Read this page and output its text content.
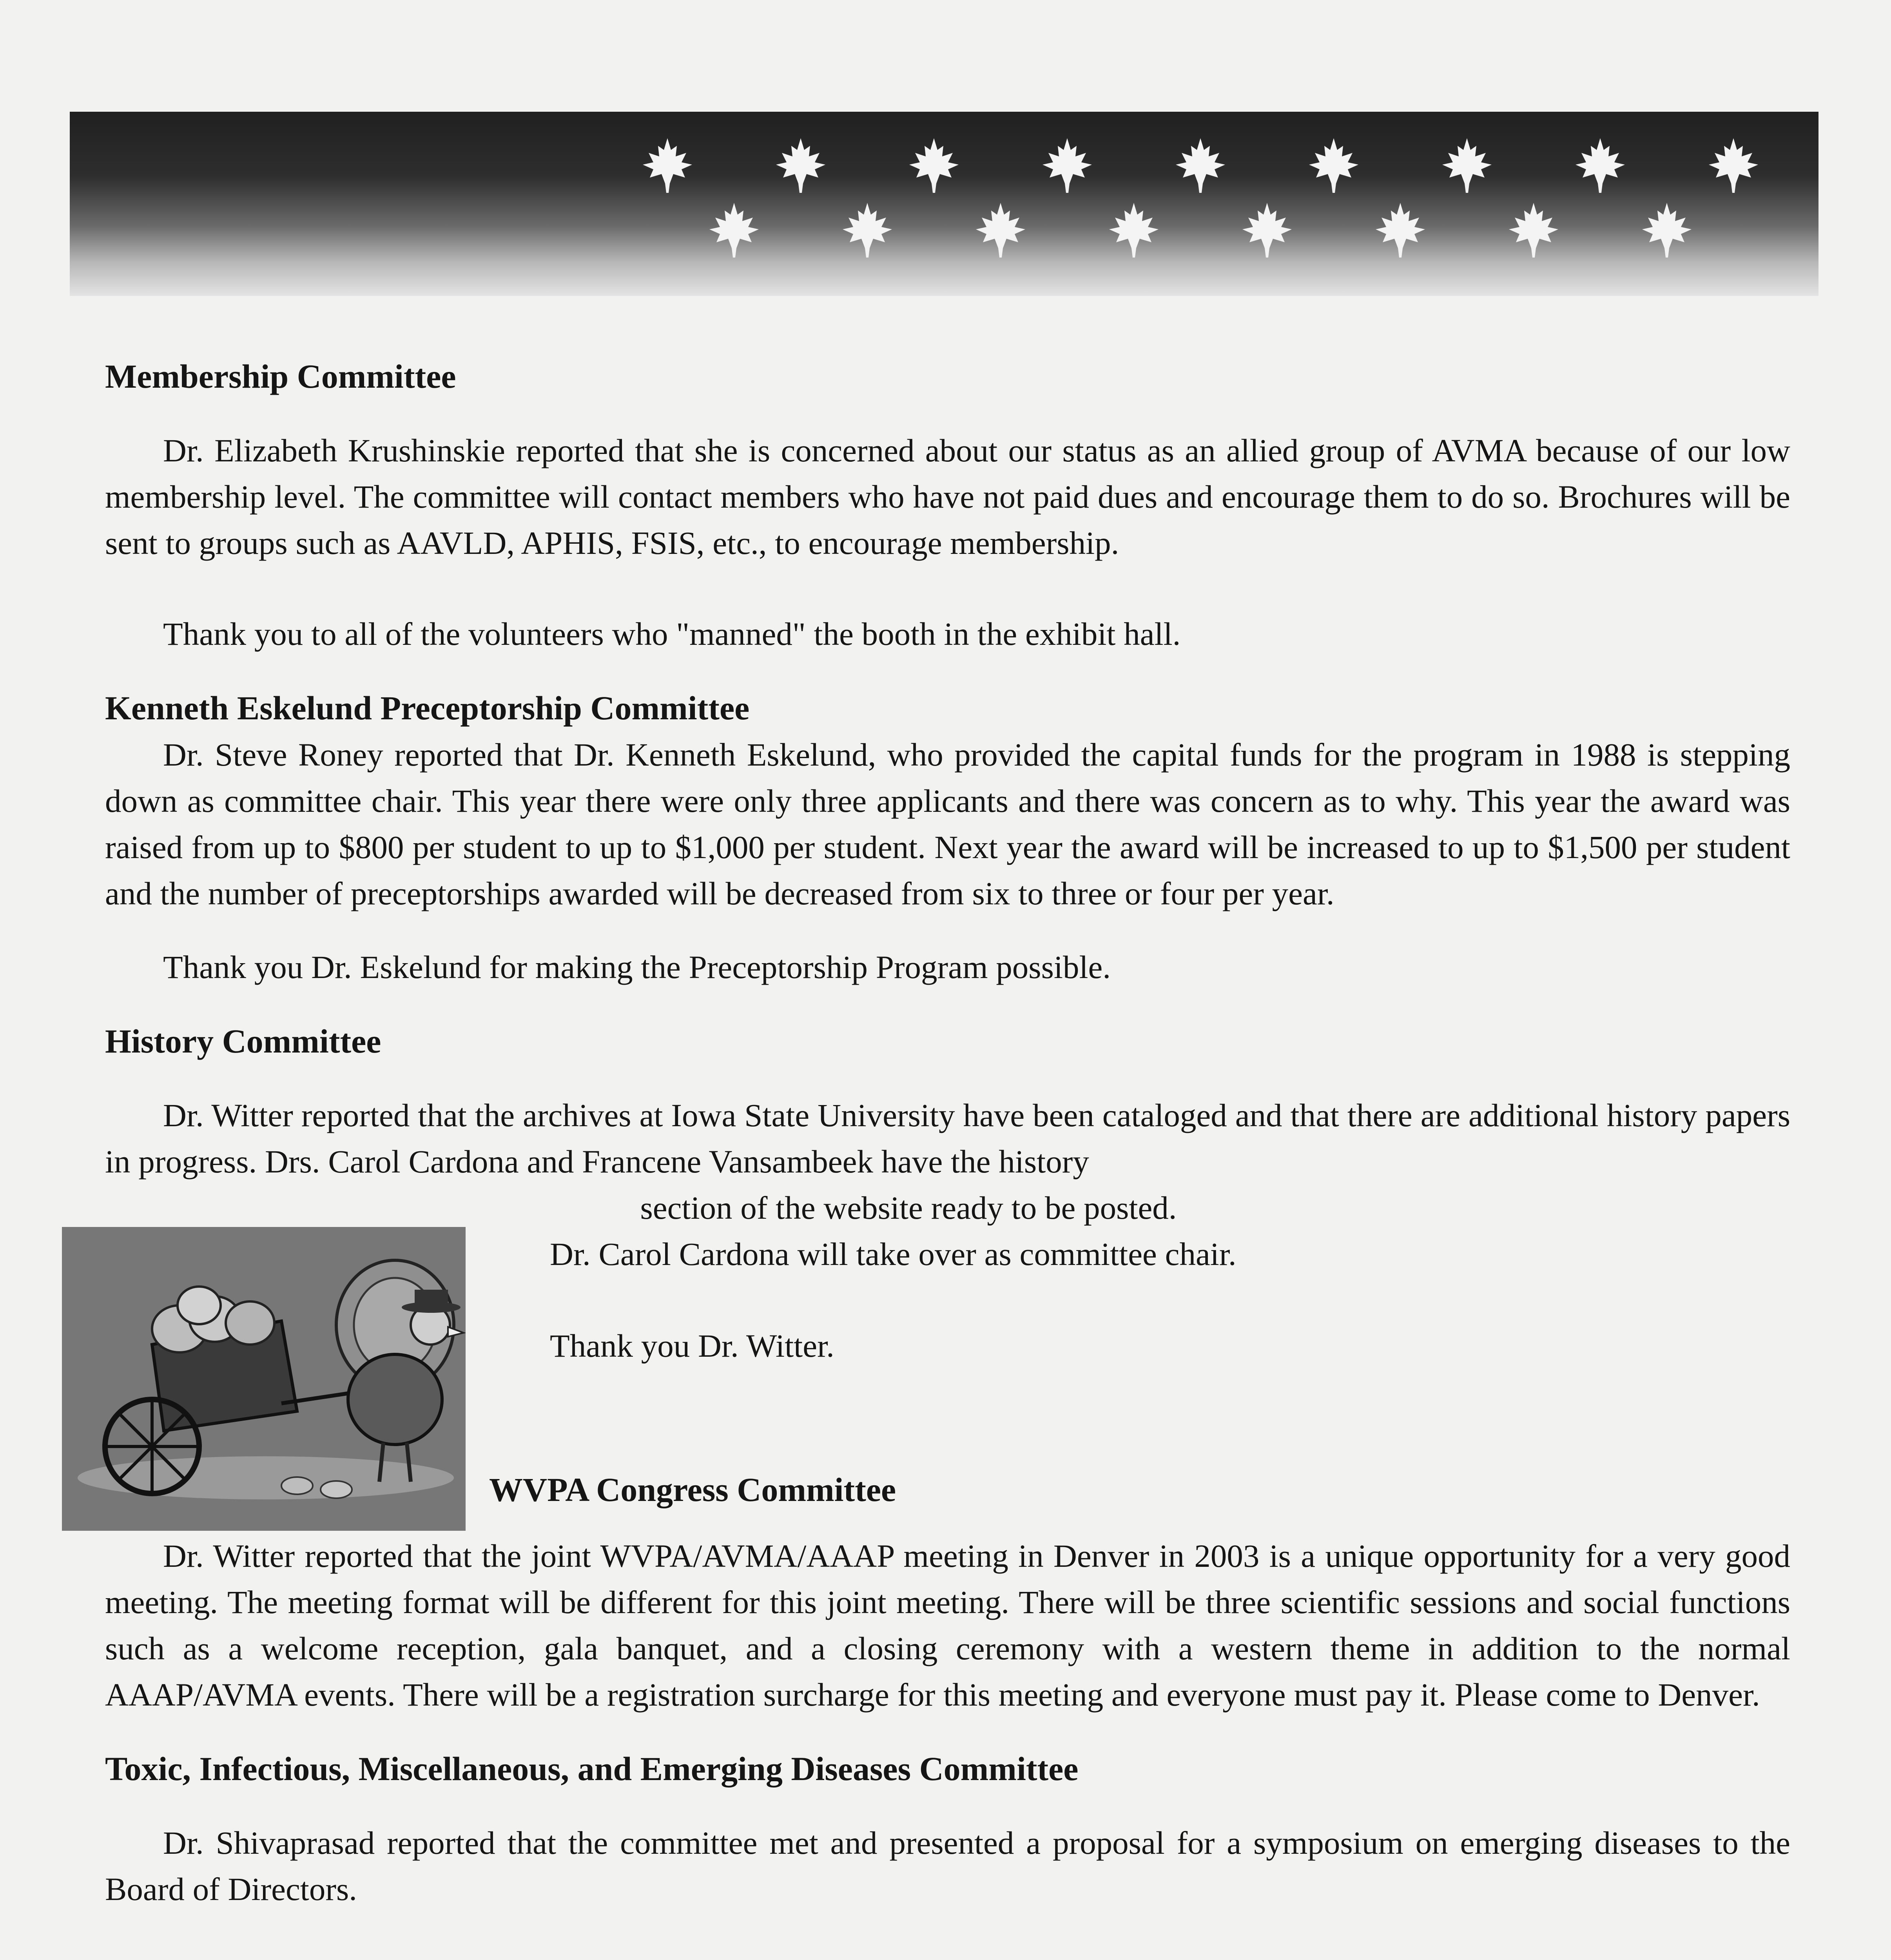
Membership Committee

Dr. Elizabeth Krushinskie reported that she is concerned about our status as an allied group of AVMA because of our low membership level. The committee will contact members who have not paid dues and encourage them to do so. Brochures will be sent to groups such as AAVLD, APHIS, FSIS, etc., to encourage membership.

Thank you to all of the volunteers who "manned" the booth in the exhibit hall.

Kenneth Eskelund Preceptorship Committee

Dr. Steve Roney reported that Dr. Kenneth Eskelund, who provided the capital funds for the program in 1988 is stepping down as committee chair. This year there were only three applicants and there was concern as to why. This year the award was raised from up to $800 per student to up to $1,000 per student. Next year the award will be increased to up to $1,500 per student and the number of preceptorships awarded will be decreased from six to three or four per year.

Thank you Dr. Eskelund for making the Preceptorship Program possible.

History Committee

Dr. Witter reported that the archives at Iowa State University have been cataloged and that there are additional history papers in progress. Drs. Carol Cardona and Francene Vansambeek have the history

section of the website ready to be posted.

Dr. Carol Cardona will take over as committee chair.

Thank you Dr. Witter.

WVPA Congress Committee

Dr. Witter reported that the joint WVPA/AVMA/AAAP meeting in Denver in 2003 is a unique opportunity for a very good meeting. The meeting format will be different for this joint meeting. There will be three scientific sessions and social functions such as a welcome reception, gala banquet, and a closing ceremony with a western theme in addition to the normal AAAP/AVMA events. There will be a registration surcharge for this meeting and everyone must pay it. Please come to Denver.

Toxic, Infectious, Miscellaneous, and Emerging Diseases Committee

Dr. Shivaprasad reported that the committee met and presented a proposal for a symposium on emerging diseases to the Board of Directors.
